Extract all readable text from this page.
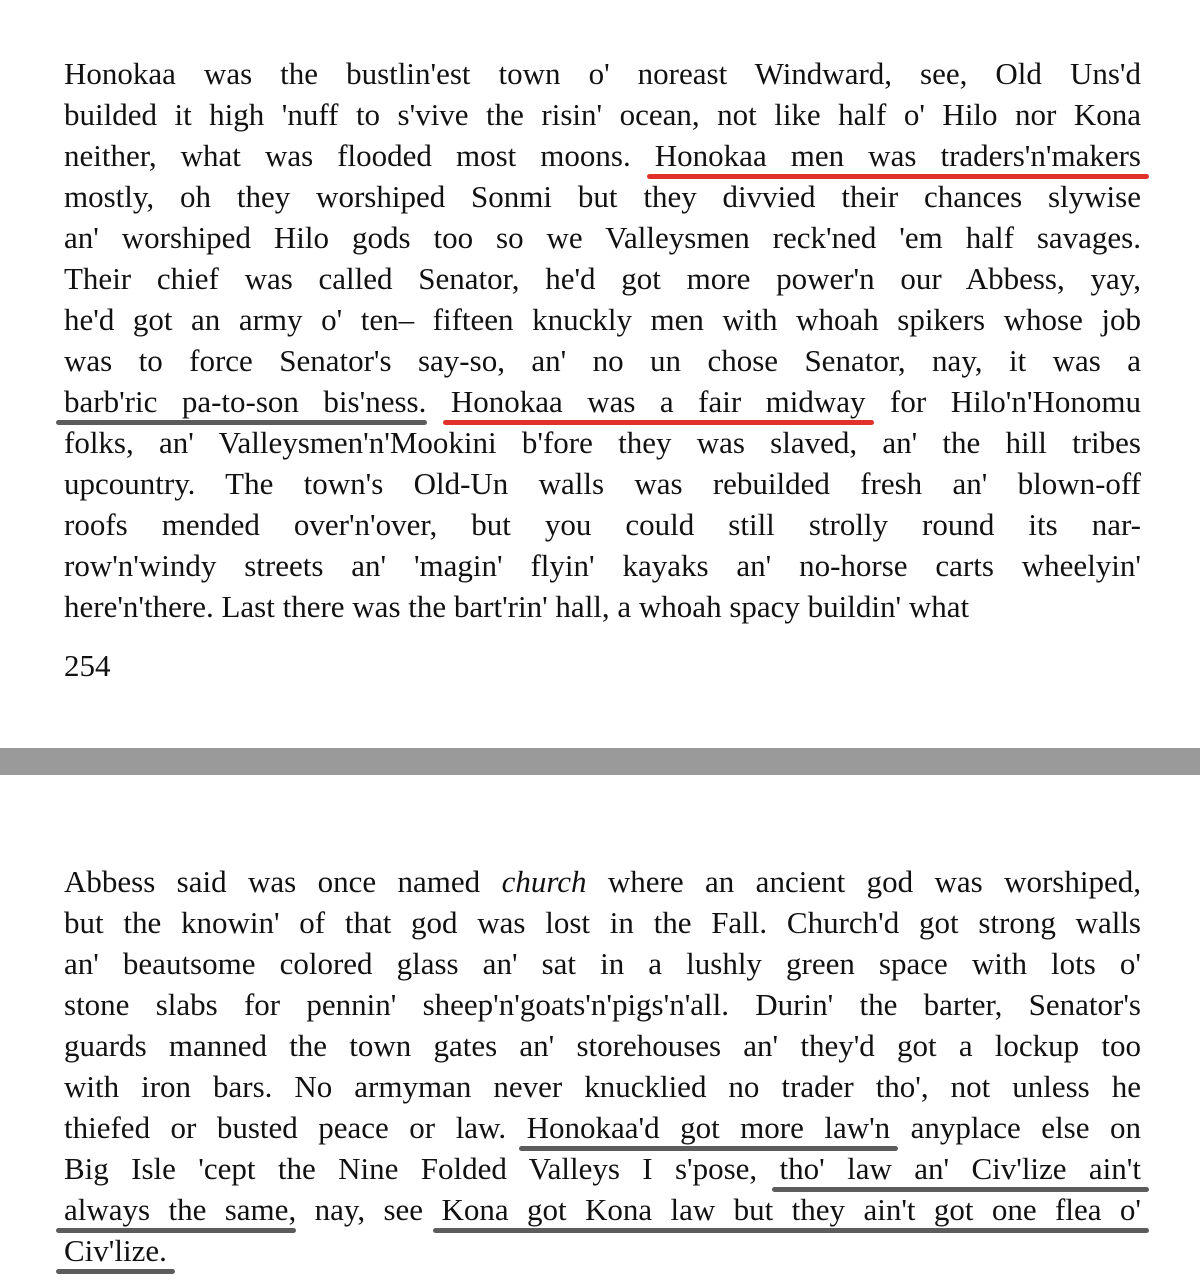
Honokaa was the bustlin'est town o' noreast Windward, see, Old Uns'd
builded it high 'nuff to s'vive the risin' ocean, not like half o' Hilo nor Kona
neither, what was flooded most moons. Honokaa men was traders'n'makers
mostly, oh they worshiped Sonmi but they divvied their chances slywise
an' worshiped Hilo gods too so we Valleysmen reck'ned 'em half savages.
Their chief was called Senator, he'd got more power'n our Abbess, yay,
he'd got an army o' ten– fifteen knuckly men with whoah spikers whose job
was to force Senator's say-so, an' no un chose Senator, nay, it was a
barb'ric pa-to-son bis'ness. Honokaa was a fair midway for Hilo'n'Honomu
folks, an' Valleysmen'n'Mookini b'fore they was slaved, an' the hill tribes
upcountry. The town's Old-Un walls was rebuilded fresh an' blown-off
roofs mended over'n'over, but you could still strolly round its nar-
row'n'windy streets an' 'magin' flyin' kayaks an' no-horse carts wheelyin'
here'n'there. Last there was the bart'rin' hall, a whoah spacy buildin' what

254

Abbess said was once named church where an ancient god was worshiped,
but the knowin' of that god was lost in the Fall. Church'd got strong walls
an' beautsome colored glass an' sat in a lushly green space with lots o'
stone slabs for pennin' sheep'n'goats'n'pigs'n'all. Durin' the barter, Senator's
guards manned the town gates an' storehouses an' they'd got a lockup too
with iron bars. No armyman never knucklied no trader tho', not unless he
thiefed or busted peace or law. Honokaa'd got more law'n anyplace else on
Big Isle 'cept the Nine Folded Valleys I s'pose, tho' law an' Civ'lize ain't
always the same, nay, see Kona got Kona law but they ain't got one flea o'
Civ'lize.
